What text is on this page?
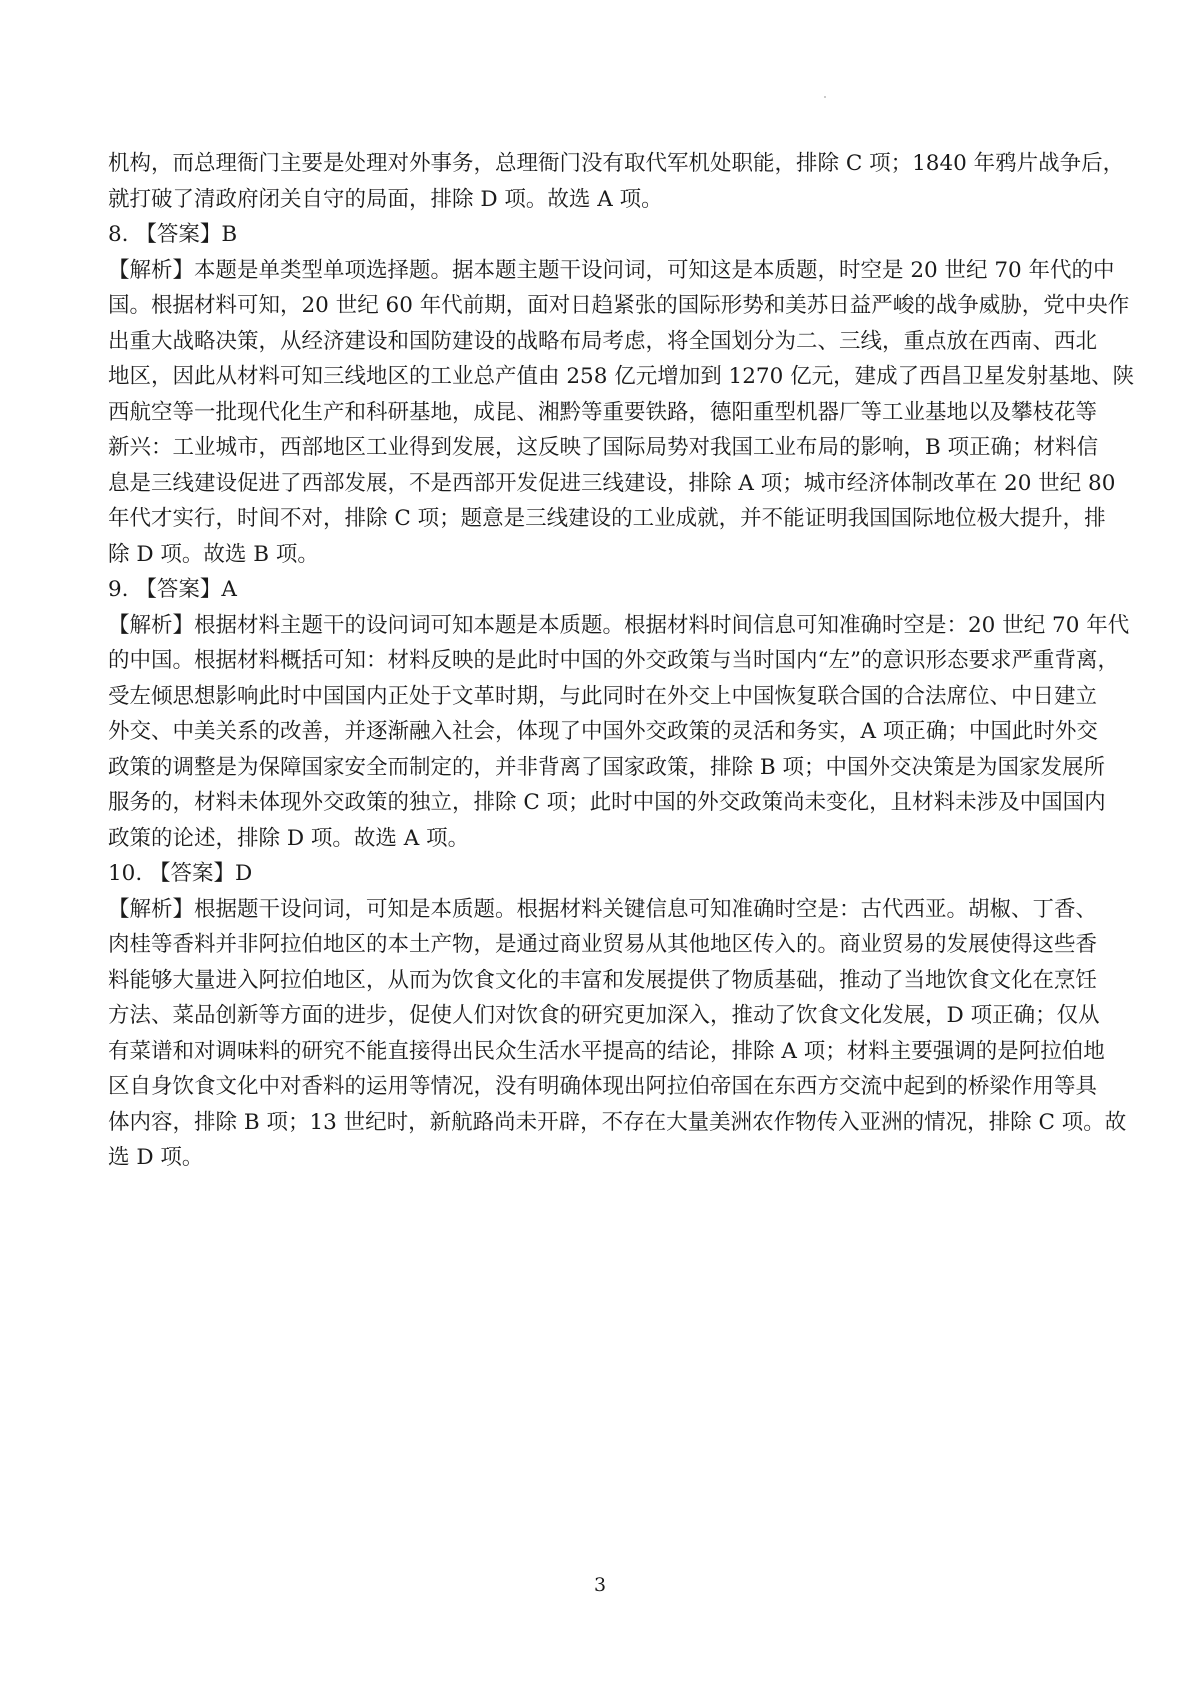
机构，而总理衙门主要是处理对外事务，总理衙门没有取代军机处职能，排除 C 项；1840 年鸦片战争后，

就打破了清政府闭关自守的局面，排除 D 项。故选 A 项。

8. 【答案】B

【解析】本题是单类型单项选择题。据本题主题干设问词，可知这是本质题，时空是 20 世纪 70 年代的中

国。根据材料可知，20 世纪 60 年代前期，面对日趋紧张的国际形势和美苏日益严峻的战争威胁，党中央作

出重大战略决策，从经济建设和国防建设的战略布局考虑，将全国划分为二、三线，重点放在西南、西北

地区，因此从材料可知三线地区的工业总产值由 258 亿元增加到 1270 亿元，建成了西昌卫星发射基地、陕

西航空等一批现代化生产和科研基地，成昆、湘黔等重要铁路，德阳重型机器厂等工业基地以及攀枝花等

新兴：工业城市，西部地区工业得到发展，这反映了国际局势对我国工业布局的影响，B 项正确；材料信

息是三线建设促进了西部发展，不是西部开发促进三线建设，排除 A 项；城市经济体制改革在 20 世纪 80

年代才实行，时间不对，排除 C 项；题意是三线建设的工业成就，并不能证明我国国际地位极大提升，排

除 D 项。故选 B 项。

9. 【答案】A

【解析】根据材料主题干的设问词可知本题是本质题。根据材料时间信息可知准确时空是：20 世纪 70 年代

的中国。根据材料概括可知：材料反映的是此时中国的外交政策与当时国内“左”的意识形态要求严重背离，

受左倾思想影响此时中国国内正处于文革时期，与此同时在外交上中国恢复联合国的合法席位、中日建立

外交、中美关系的改善，并逐渐融入社会，体现了中国外交政策的灵活和务实，A 项正确；中国此时外交

政策的调整是为保障国家安全而制定的，并非背离了国家政策，排除 B 项；中国外交决策是为国家发展所

服务的，材料未体现外交政策的独立，排除 C 项；此时中国的外交政策尚未变化，且材料未涉及中国国内

政策的论述，排除 D 项。故选 A 项。

10. 【答案】D

【解析】根据题干设问词，可知是本质题。根据材料关键信息可知准确时空是：古代西亚。胡椒、丁香、

肉桂等香料并非阿拉伯地区的本土产物，是通过商业贸易从其他地区传入的。商业贸易的发展使得这些香

料能够大量进入阿拉伯地区，从而为饮食文化的丰富和发展提供了物质基础，推动了当地饮食文化在烹饪

方法、菜品创新等方面的进步，促使人们对饮食的研究更加深入，推动了饮食文化发展，D 项正确；仅从

有菜谱和对调味料的研究不能直接得出民众生活水平提高的结论，排除 A 项；材料主要强调的是阿拉伯地

区自身饮食文化中对香料的运用等情况，没有明确体现出阿拉伯帝国在东西方交流中起到的桥梁作用等具

体内容，排除 B 项；13 世纪时，新航路尚未开辟，不存在大量美洲农作物传入亚洲的情况，排除 C 项。故

选 D 项。

3
